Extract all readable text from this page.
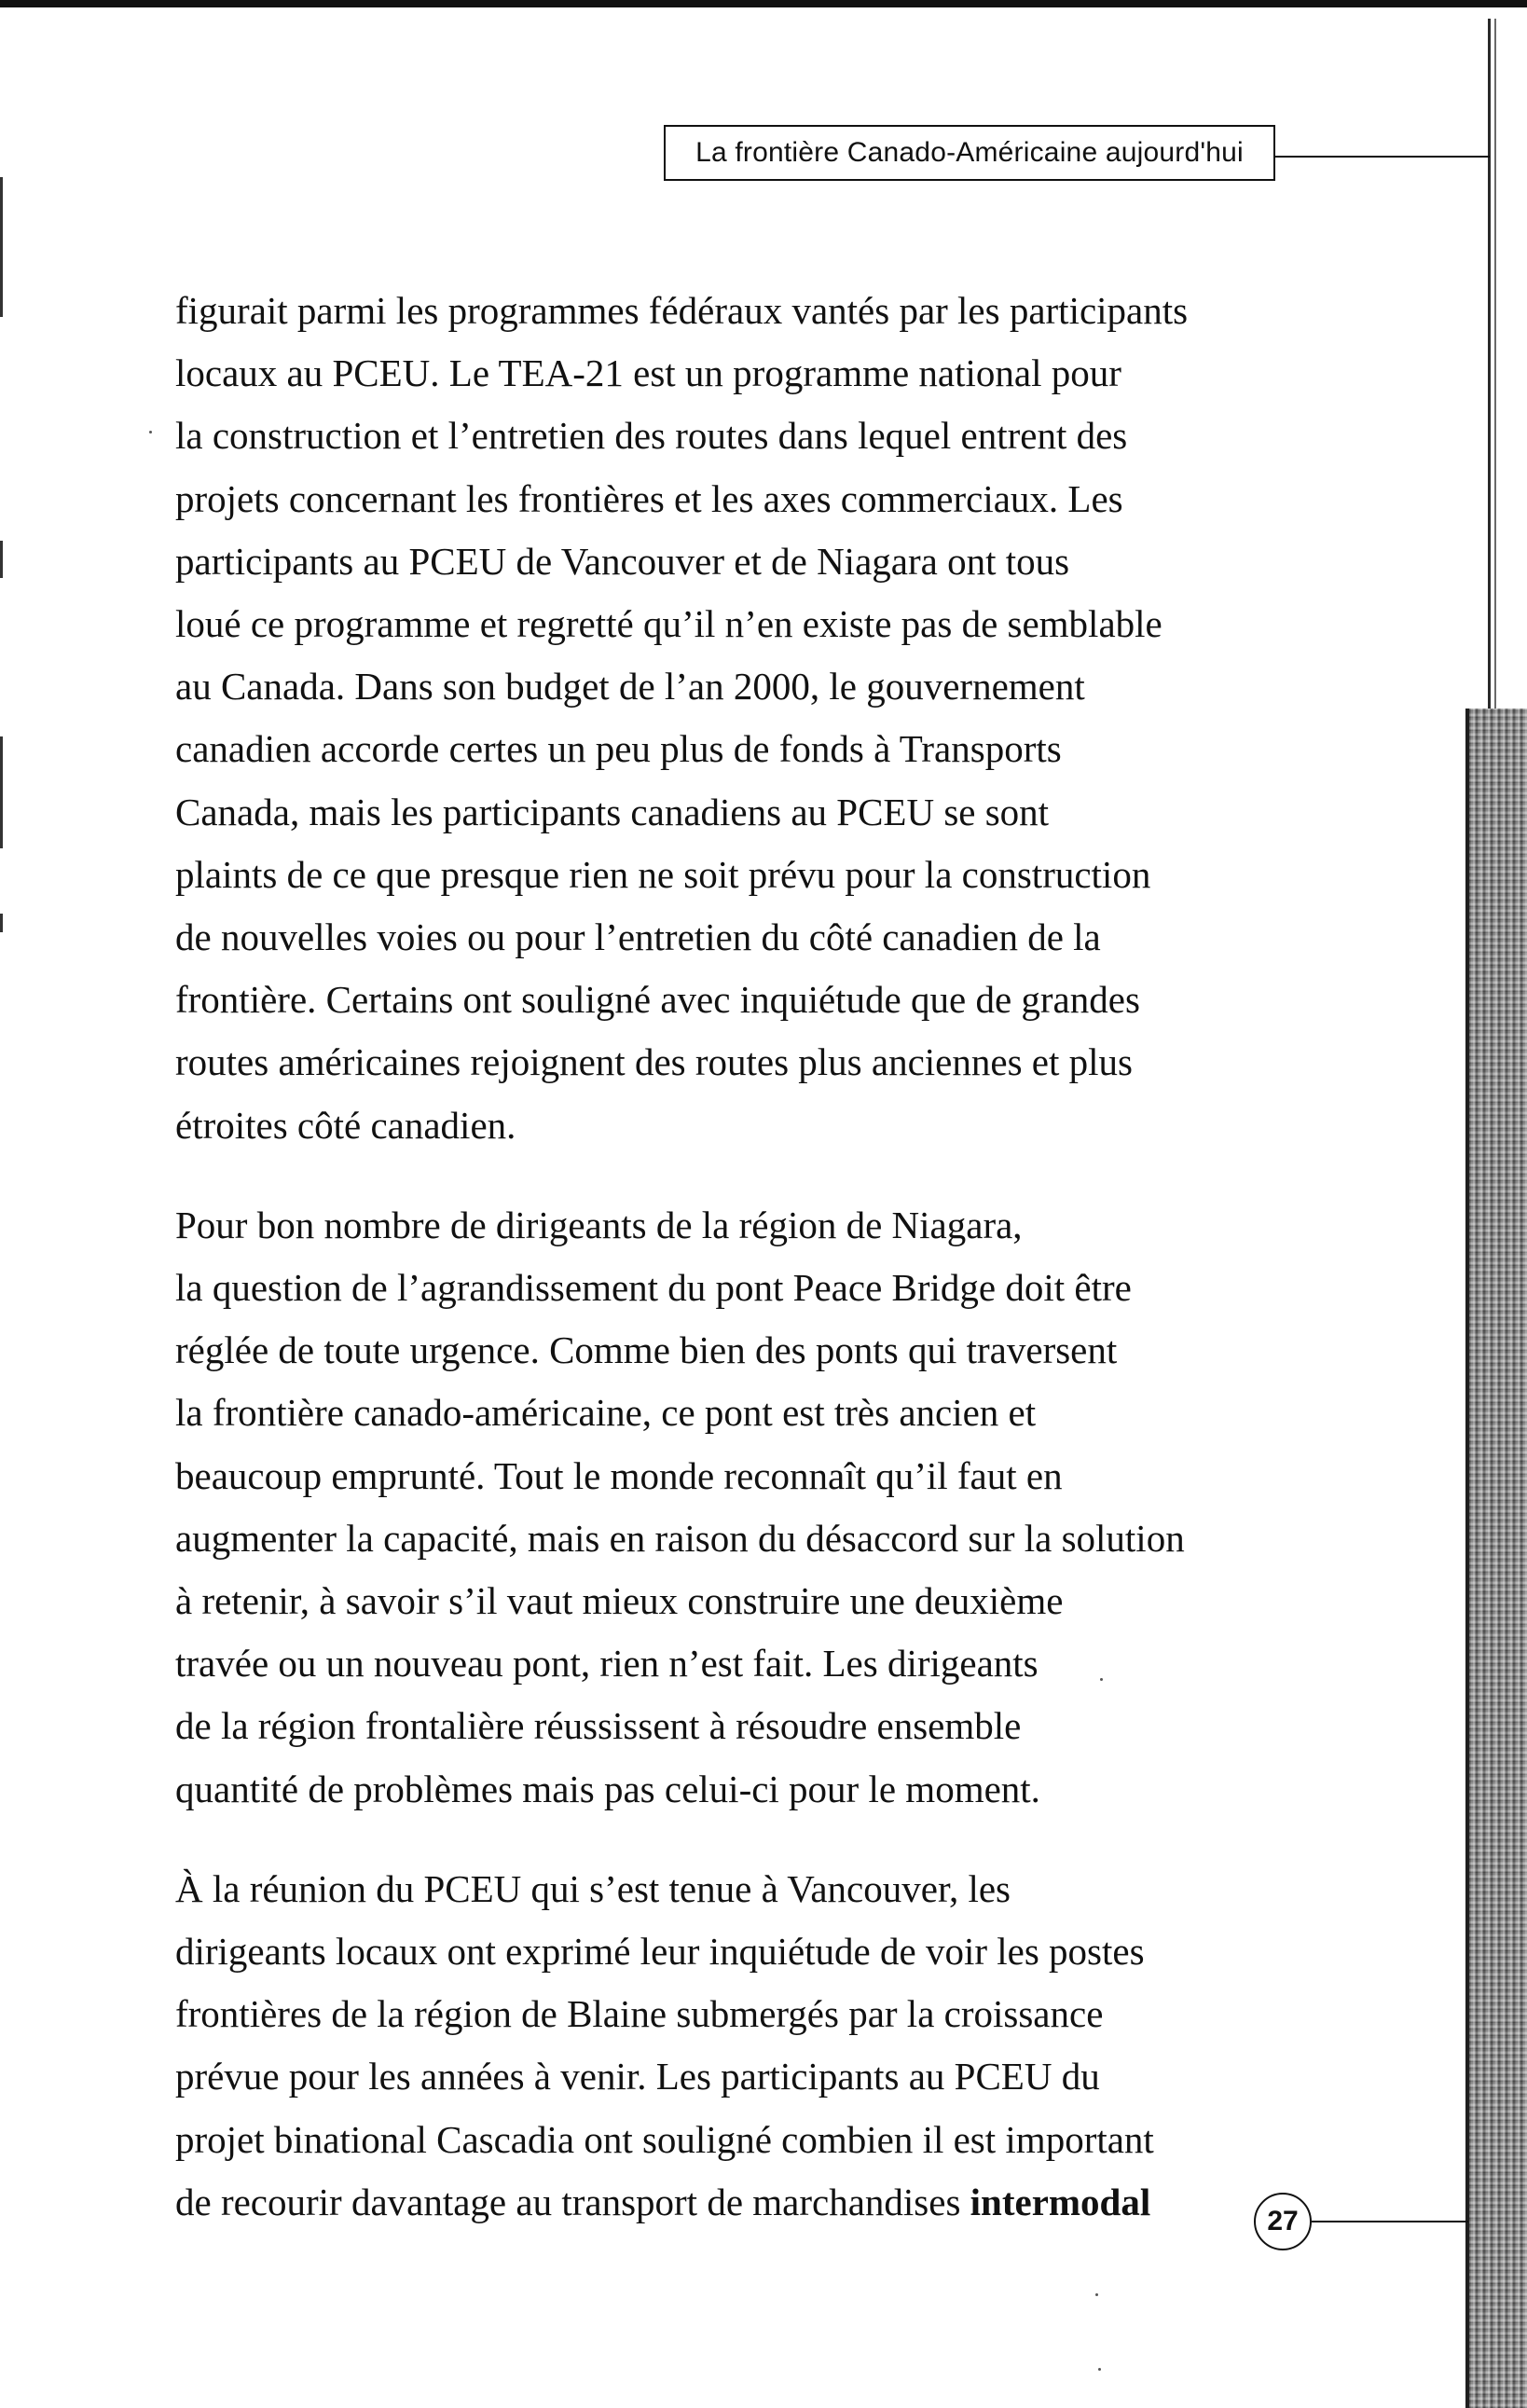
La frontière Canado-Américaine aujourd'hui

figurait parmi les programmes fédéraux vantés par les participants
locaux au PCEU. Le TEA-21 est un programme national pour
la construction et l’entretien des routes dans lequel entrent des
projets concernant les frontières et les axes commerciaux. Les
participants au PCEU de Vancouver et de Niagara ont tous
loué ce programme et regretté qu’il n’en existe pas de semblable
au Canada. Dans son budget de l’an 2000, le gouvernement
canadien accorde certes un peu plus de fonds à Transports
Canada, mais les participants canadiens au PCEU se sont
plaints de ce que presque rien ne soit prévu pour la construction
de nouvelles voies ou pour l’entretien du côté canadien de la
frontière. Certains ont souligné avec inquiétude que de grandes
routes américaines rejoignent des routes plus anciennes et plus
étroites côté canadien.

Pour bon nombre de dirigeants de la région de Niagara,
la question de l’agrandissement du pont Peace Bridge doit être
réglée de toute urgence. Comme bien des ponts qui traversent
la frontière canado-américaine, ce pont est très ancien et
beaucoup emprunté. Tout le monde reconnaît qu’il faut en
augmenter la capacité, mais en raison du désaccord sur la solution
à retenir, à savoir s’il vaut mieux construire une deuxième
travée ou un nouveau pont, rien n’est fait. Les dirigeants
de la région frontalière réussissent à résoudre ensemble
quantité de problèmes mais pas celui-ci pour le moment.

À la réunion du PCEU qui s’est tenue à Vancouver, les
dirigeants locaux ont exprimé leur inquiétude de voir les postes
frontières de la région de Blaine submergés par la croissance
prévue pour les années à venir. Les participants au PCEU du
projet binational Cascadia ont souligné combien il est important
de recourir davantage au transport de marchandises intermodal	27
